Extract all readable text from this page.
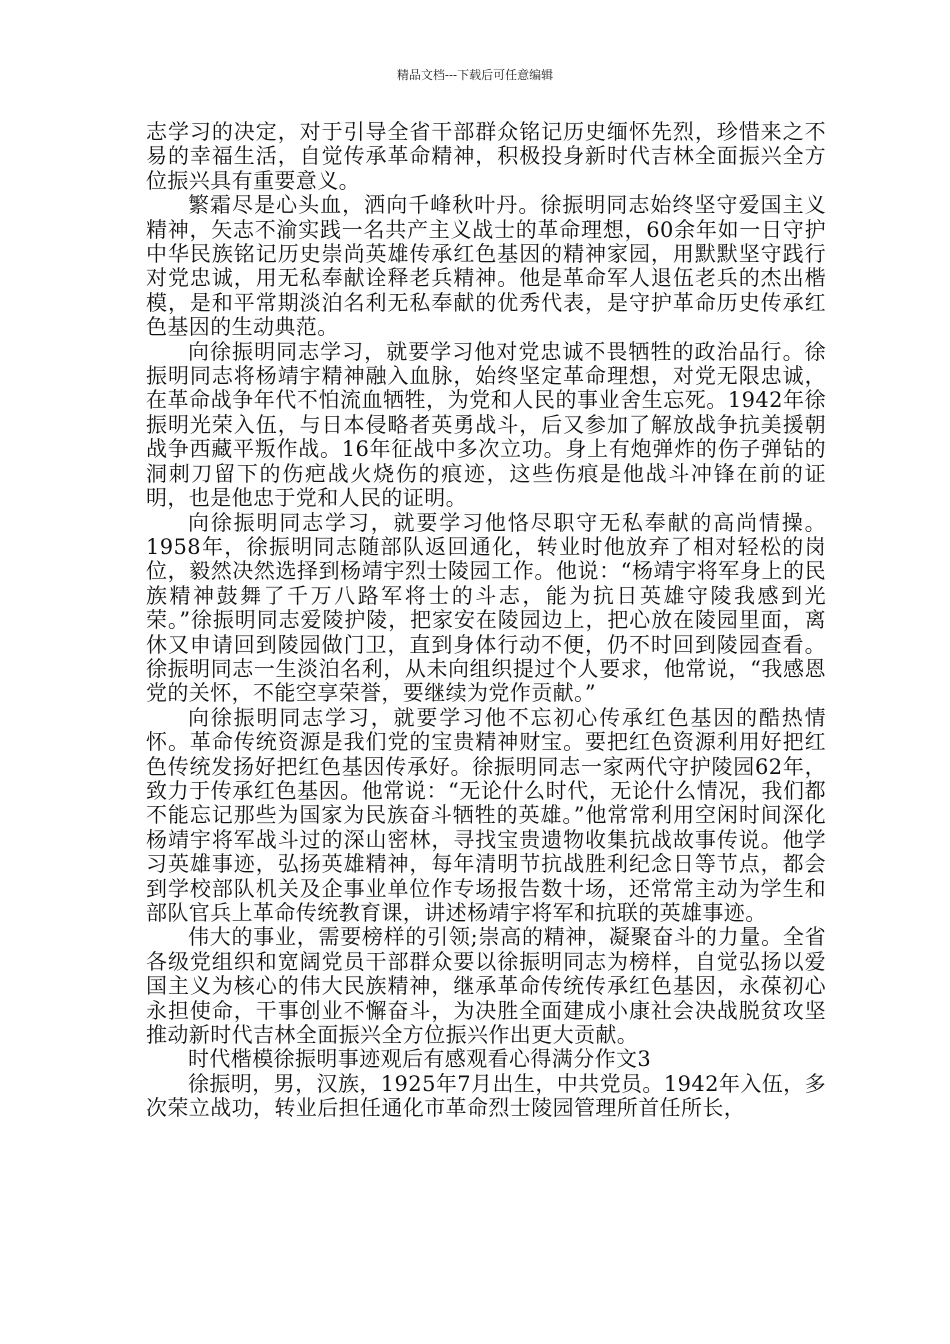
精品文档---下载后可任意编辑

志学习的决定，对于引导全省干部群众铭记历史缅怀先烈，珍惜来之不易的幸福生活，自觉传承革命精神，积极投身新时代吉林全面振兴全方位振兴具有重要意义。

繁霜尽是心头血，洒向千峰秋叶丹。徐振明同志始终坚守爱国主义精神，矢志不渝实践一名共产主义战士的革命理想，60余年如一日守护中华民族铭记历史崇尚英雄传承红色基因的精神家园，用默默坚守践行对党忠诚，用无私奉献诠释老兵精神。他是革命军人退伍老兵的杰出楷模，是和平常期淡泊名利无私奉献的优秀代表，是守护革命历史传承红色基因的生动典范。

向徐振明同志学习，就要学习他对党忠诚不畏牺牲的政治品行。徐振明同志将杨靖宇精神融入血脉，始终坚定革命理想，对党无限忠诚，在革命战争年代不怕流血牺牲，为党和人民的事业舍生忘死。1942年徐振明光荣入伍，与日本侵略者英勇战斗，后又参加了解放战争抗美援朝战争西藏平叛作战。16年征战中多次立功。身上有炮弹炸的伤子弹钻的洞刺刀留下的伤疤战火烧伤的痕迹，这些伤痕是他战斗冲锋在前的证明，也是他忠于党和人民的证明。

向徐振明同志学习，就要学习他恪尽职守无私奉献的高尚情操。1958年，徐振明同志随部队返回通化，转业时他放弃了相对轻松的岗位，毅然决然选择到杨靖宇烈士陵园工作。他说：“杨靖宇将军身上的民族精神鼓舞了千万八路军将士的斗志，能为抗日英雄守陵我感到光荣。”徐振明同志爱陵护陵，把家安在陵园边上，把心放在陵园里面，离休又申请回到陵园做门卫，直到身体行动不便，仍不时回到陵园查看。徐振明同志一生淡泊名利，从未向组织提过个人要求，他常说，“我感恩党的关怀，不能空享荣誉，要继续为党作贡献。”

向徐振明同志学习，就要学习他不忘初心传承红色基因的酷热情怀。革命传统资源是我们党的宝贵精神财宝。要把红色资源利用好把红色传统发扬好把红色基因传承好。徐振明同志一家两代守护陵园62年，致力于传承红色基因。他常说：“无论什么时代，无论什么情况，我们都不能忘记那些为国家为民族奋斗牺牲的英雄。”他常常利用空闲时间深化杨靖宇将军战斗过的深山密林，寻找宝贵遗物收集抗战故事传说。他学习英雄事迹，弘扬英雄精神，每年清明节抗战胜利纪念日等节点，都会到学校部队机关及企事业单位作专场报告数十场，还常常主动为学生和部队官兵上革命传统教育课，讲述杨靖宇将军和抗联的英雄事迹。

伟大的事业，需要榜样的引领;崇高的精神，凝聚奋斗的力量。全省各级党组织和宽阔党员干部群众要以徐振明同志为榜样，自觉弘扬以爱国主义为核心的伟大民族精神，继承革命传统传承红色基因，永葆初心永担使命，干事创业不懈奋斗，为决胜全面建成小康社会决战脱贫攻坚推动新时代吉林全面振兴全方位振兴作出更大贡献。

时代楷模徐振明事迹观后有感观看心得满分作文3

徐振明，男，汉族，1925年7月出生，中共党员。1942年入伍，多次荣立战功，转业后担任通化市革命烈士陵园管理所首任所长，
